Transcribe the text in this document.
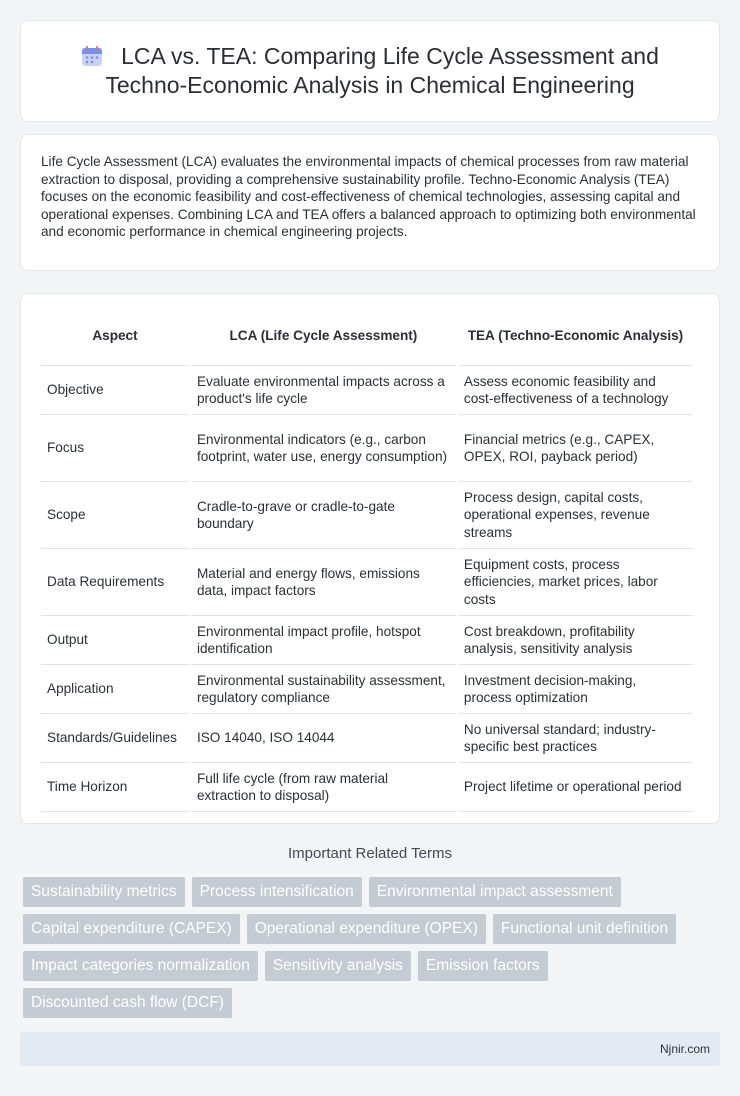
LCA vs. TEA: Comparing Life Cycle Assessment and Techno-Economic Analysis in Chemical Engineering

Life Cycle Assessment (LCA) evaluates the environmental impacts of chemical processes from raw material extraction to disposal, providing a comprehensive sustainability profile. Techno-Economic Analysis (TEA) focuses on the economic feasibility and cost-effectiveness of chemical technologies, assessing capital and operational expenses. Combining LCA and TEA offers a balanced approach to optimizing both environmental and economic performance in chemical engineering projects.

Aspect	LCA (Life Cycle Assessment)	TEA (Techno-Economic Analysis)
Objective	Evaluate environmental impacts across a product's life cycle	Assess economic feasibility and cost-effectiveness of a technology
Focus	Environmental indicators (e.g., carbon footprint, water use, energy consumption)	Financial metrics (e.g., CAPEX, OPEX, ROI, payback period)
Scope	Cradle-to-grave or cradle-to-gate boundary	Process design, capital costs, operational expenses, revenue streams
Data Requirements	Material and energy flows, emissions data, impact factors	Equipment costs, process efficiencies, market prices, labor costs
Output	Environmental impact profile, hotspot identification	Cost breakdown, profitability analysis, sensitivity analysis
Application	Environmental sustainability assessment, regulatory compliance	Investment decision-making, process optimization
Standards/Guidelines	ISO 14040, ISO 14044	No universal standard; industry-specific best practices
Time Horizon	Full life cycle (from raw material extraction to disposal)	Project lifetime or operational period
Important Related Terms
Sustainability metrics	Process intensification	Environmental impact assessment
Capital expenditure (CAPEX)	Operational expenditure (OPEX)	Functional unit definition
Impact categories normalization	Sensitivity analysis	Emission factors
Discounted cash flow (DCF)
Njnir.com
